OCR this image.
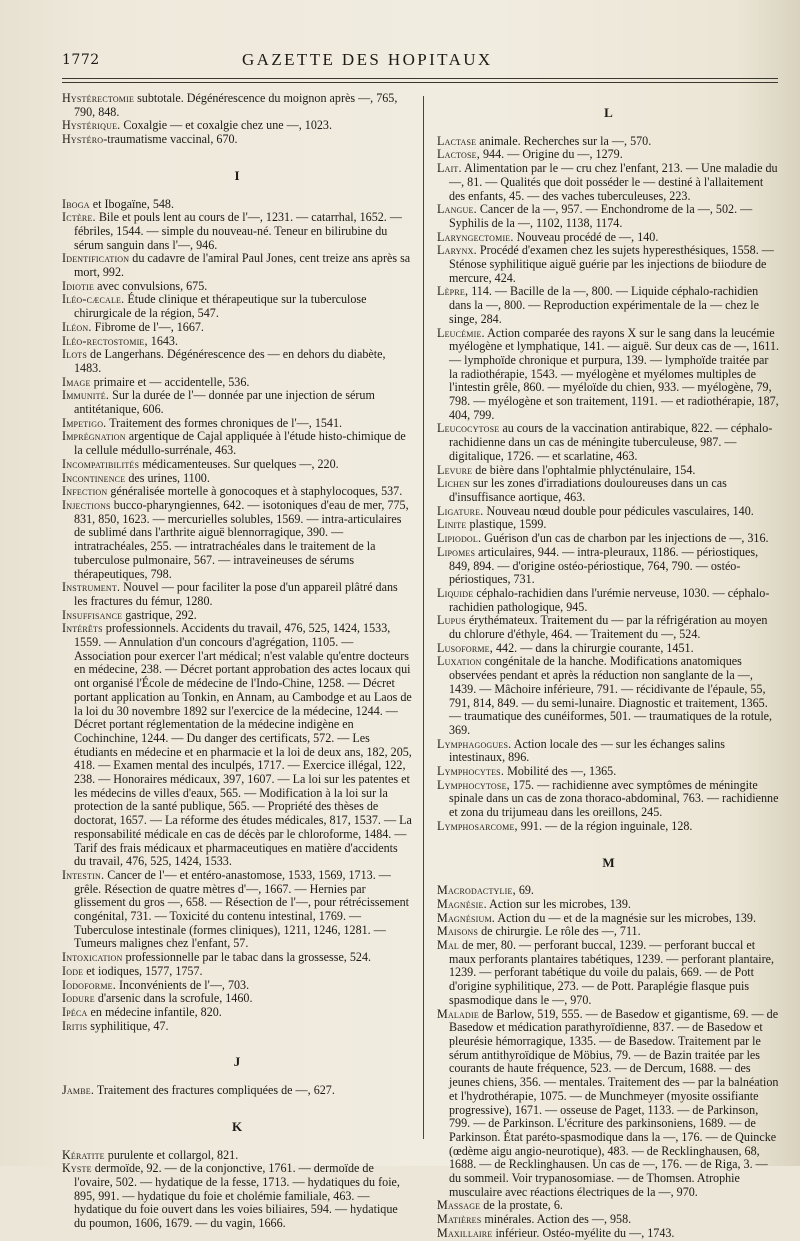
1772	GAZETTE DES HOPITAUX

Hystérectomie subtotale. Dégénérescence du moignon après —, 765, 790, 848.

Hystérique. Coxalgie — et coxalgie chez une —, 1023.

Hystéro-traumatisme vaccinal, 670.

I

Iboga et Ibogaïne, 548.

Ictère. Bile et pouls lent au cours de l'—, 1231. — catarrhal, 1652. — fébriles, 1544. — simple du nouveau-né. Teneur en bilirubine du sérum sanguin dans l'—, 946.

Identification du cadavre de l'amiral Paul Jones, cent treize ans après sa mort, 992.

Idiotie avec convulsions, 675.

Iléo-cæcale. Étude clinique et thérapeutique sur la tuberculose chirurgicale de la région, 547.

Iléon. Fibrome de l'—, 1667.

Iléo-rectostomie, 1643.

Ilots de Langerhans. Dégénérescence des — en dehors du diabète, 1483.

Image primaire et — accidentelle, 536.

Immunité. Sur la durée de l'— donnée par une injection de sérum antitétanique, 606.

Impetigo. Traitement des formes chroniques de l'—, 1541.

Imprégnation argentique de Cajal appliquée à l'étude histo-chimique de la cellule médullo-surrénale, 463.

Incompatibilités médicamenteuses. Sur quelques —, 220.

Incontinence des urines, 1100.

Infection généralisée mortelle à gonocoques et à staphylocoques, 537.

Injections bucco-pharyngiennes, 642. — isotoniques d'eau de mer, 775, 831, 850, 1623. — mercurielles solubles, 1569. — intra-articulaires de sublimé dans l'arthrite aiguë blennorragique, 390. — intratrachéales, 255. — intratrachéales dans le traitement de la tuberculose pulmonaire, 567. — intraveineuses de sérums thérapeutiques, 798.

Instrument. Nouvel — pour faciliter la pose d'un appareil plâtré dans les fractures du fémur, 1280.

Insuffisance gastrique, 292.

Intérêts professionnels. Accidents du travail, 476, 525, 1424, 1533, 1559. — Annulation d'un concours d'agrégation, 1105. — Association pour exercer l'art médical; n'est valable qu'entre docteurs en médecine, 238. — Décret portant approbation des actes locaux qui ont organisé l'École de médecine de l'Indo-Chine, 1258. — Décret portant application au Tonkin, en Annam, au Cambodge et au Laos de la loi du 30 novembre 1892 sur l'exercice de la médecine, 1244. — Décret portant réglementation de la médecine indigène en Cochinchine, 1244. — Du danger des certificats, 572. — Les étudiants en médecine et en pharmacie et la loi de deux ans, 182, 205, 418. — Examen mental des inculpés, 1717. — Exercice illégal, 122, 238. — Honoraires médicaux, 397, 1607. — La loi sur les patentes et les médecins de villes d'eaux, 565. — Modification à la loi sur la protection de la santé publique, 565. — Propriété des thèses de doctorat, 1657. — La réforme des études médicales, 817, 1537. — La responsabilité médicale en cas de décès par le chloroforme, 1484. — Tarif des frais médicaux et pharmaceutiques en matière d'accidents du travail, 476, 525, 1424, 1533.

Intestin. Cancer de l'— et entéro-anastomose, 1533, 1569, 1713. — grêle. Résection de quatre mètres d'—, 1667. — Hernies par glissement du gros —, 658. — Résection de l'—, pour rétrécissement congénital, 731. — Toxicité du contenu intestinal, 1769. — Tuberculose intestinale (formes cliniques), 1211, 1246, 1281. — Tumeurs malignes chez l'enfant, 57.

Intoxication professionnelle par le tabac dans la grossesse, 524.

Iode et iodiques, 1577, 1757.

Iodoforme. Inconvénients de l'—, 703.

Iodure d'arsenic dans la scrofule, 1460.

Ipéca en médecine infantile, 820.

Iritis syphilitique, 47.

J

Jambe. Traitement des fractures compliquées de —, 627.

K

Kératite purulente et collargol, 821.

Kyste dermoïde, 92. — de la conjonctive, 1761. — dermoïde de l'ovaire, 502. — hydatique de la fesse, 1713. — hydatiques du foie, 895, 991. — hydatique du foie et cholémie familiale, 463. — hydatique du foie ouvert dans les voies biliaires, 594. — hydatique du poumon, 1606, 1679. — du vagin, 1666.

L

Lactase animale. Recherches sur la —, 570.

Lactose, 944. — Origine du —, 1279.

Lait. Alimentation par le — cru chez l'enfant, 213. — Une maladie du —, 81. — Qualités que doit posséder le — destiné à l'allaitement des enfants, 45. — des vaches tuberculeuses, 223.

Langue. Cancer de la —, 957. — Enchondrome de la —, 502. — Syphilis de la —, 1102, 1138, 1174.

Laryngectomie. Nouveau procédé de —, 140.

Larynx. Procédé d'examen chez les sujets hyperesthésiques, 1558. — Sténose syphilitique aiguë guérie par les injections de biiodure de mercure, 424.

Lèpre, 114. — Bacille de la —, 800. — Liquide céphalo-rachidien dans la —, 800. — Reproduction expérimentale de la — chez le singe, 284.

Leucémie. Action comparée des rayons X sur le sang dans la leucémie myélogène et lymphatique, 141. — aiguë. Sur deux cas de —, 1611. — lymphoïde chronique et purpura, 139. — lymphoïde traitée par la radiothérapie, 1543. — myélogène et myélomes multiples de l'intestin grêle, 860. — myéloïde du chien, 933. — myélogène, 79, 798. — myélogène et son traitement, 1191. — et radiothérapie, 187, 404, 799.

Leucocytose au cours de la vaccination antirabique, 822. — céphalo-rachidienne dans un cas de méningite tuberculeuse, 987. — digitalique, 1726. — et scarlatine, 463.

Levure de bière dans l'ophtalmie phlycténulaire, 154.

Lichen sur les zones d'irradiations douloureuses dans un cas d'insuffisance aortique, 463.

Ligature. Nouveau nœud double pour pédicules vasculaires, 140.

Linite plastique, 1599.

Lipiodol. Guérison d'un cas de charbon par les injections de —, 316.

Lipomes articulaires, 944. — intra-pleuraux, 1186. — périostiques, 849, 894. — d'origine ostéo-périostique, 764, 790. — ostéo-périostiques, 731.

Liquide céphalo-rachidien dans l'urémie nerveuse, 1030. — céphalo-rachidien pathologique, 945.

Lupus érythémateux. Traitement du — par la réfrigération au moyen du chlorure d'éthyle, 464. — Traitement du —, 524.

Lusoforme, 442. — dans la chirurgie courante, 1451.

Luxation congénitale de la hanche. Modifications anatomiques observées pendant et après la réduction non sanglante de la —, 1439. — Mâchoire inférieure, 791. — récidivante de l'épaule, 55, 791, 814, 849. — du semi-lunaire. Diagnostic et traitement, 1365. — traumatique des cunéiformes, 501. — traumatiques de la rotule, 369.

Lymphagogues. Action locale des — sur les échanges salins intestinaux, 896.

Lymphocytes. Mobilité des —, 1365.

Lymphocytose, 175. — rachidienne avec symptômes de méningite spinale dans un cas de zona thoraco-abdominal, 763. — rachidienne et zona du trijumeau dans les oreillons, 245.

Lymphosarcome, 991. — de la région inguinale, 128.

M

Macrodactylie, 69.

Magnésie. Action sur les microbes, 139.

Magnésium. Action du — et de la magnésie sur les microbes, 139.

Maisons de chirurgie. Le rôle des —, 711.

Mal de mer, 80. — perforant buccal, 1239. — perforant buccal et maux perforants plantaires tabétiques, 1239. — perforant plantaire, 1239. — perforant tabétique du voile du palais, 669. — de Pott d'origine syphilitique, 273. — de Pott. Paraplégie flasque puis spasmodique dans le —, 970.

Maladie de Barlow, 519, 555. — de Basedow et gigantisme, 69. — de Basedow et médication parathyroïdienne, 837. — de Basedow et pleurésie hémorragique, 1335. — de Basedow. Traitement par le sérum antithyroïdique de Möbius, 79. — de Bazin traitée par les courants de haute fréquence, 523. — de Dercum, 1688. — des jeunes chiens, 356. — mentales. Traitement des — par la balnéation et l'hydrothérapie, 1075. — de Munchmeyer (myosite ossifiante progressive), 1671. — osseuse de Paget, 1133. — de Parkinson, 799. — de Parkinson. L'écriture des parkinsoniens, 1689. — de Parkinson. État paréto-spasmodique dans la —, 176. — de Quincke (œdème aigu angio-neurotique), 483. — de Recklinghausen, 68, 1688. — de Recklinghausen. Un cas de —, 176. — de Riga, 3. — du sommeil. Voir trypanosomiase. — de Thomsen. Atrophie musculaire avec réactions électriques de la —, 970.

Massage de la prostate, 6.

Matières minérales. Action des —, 958.

Maxillaire inférieur. Ostéo-myélite du —, 1743.
